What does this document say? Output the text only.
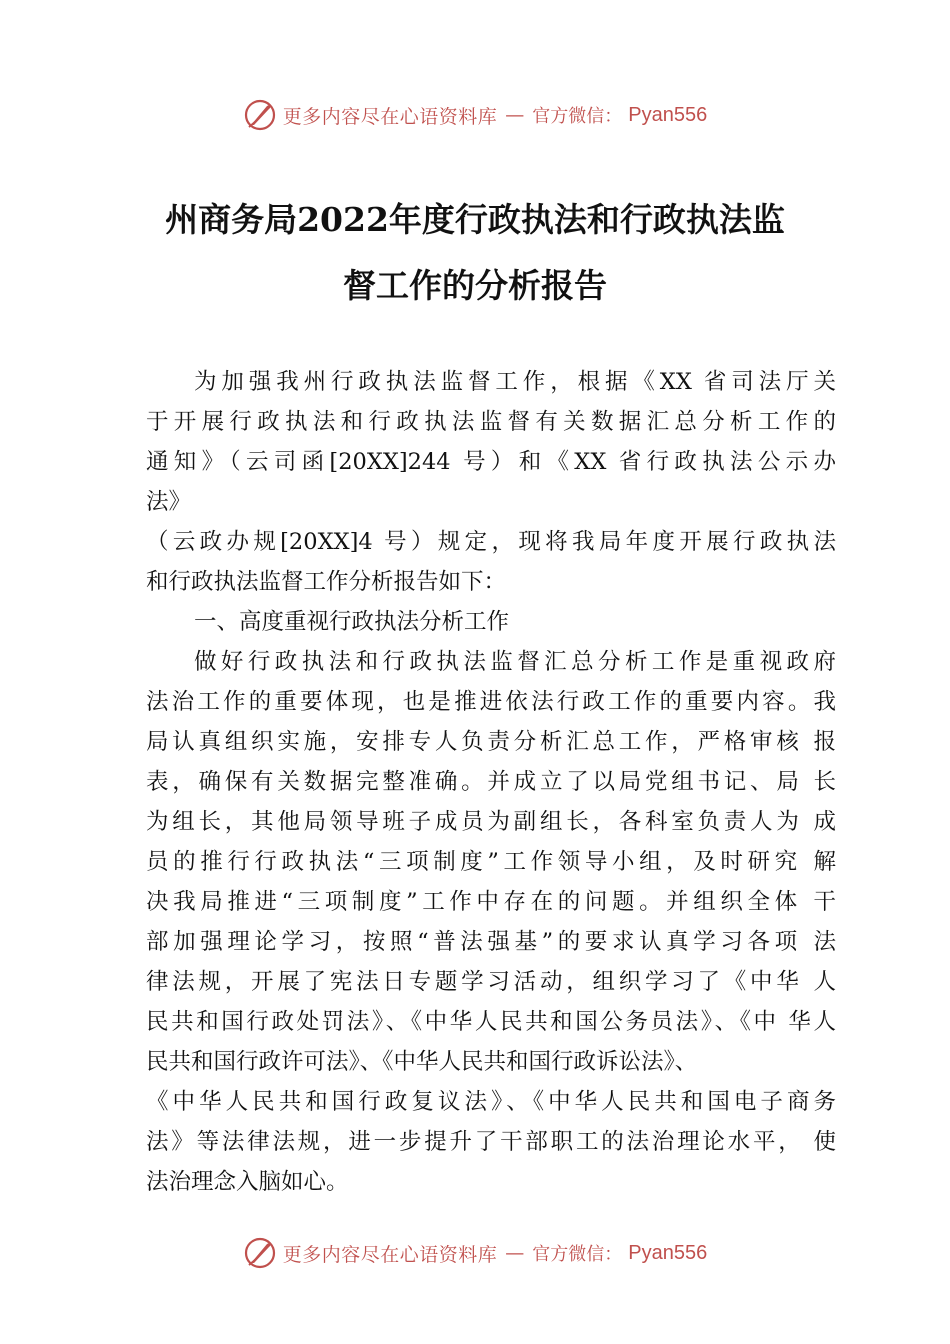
更多内容尽在心语资料库 — 官方微信： Pyan556
州商务局2022年度行政执法和行政执法监
督工作的分析报告
为加强我州行政执法监督工作，根据《XX 省司法厅关
于开展行政执法和行政执法监督有关数据汇总分析工作的
通知》（云司函[20XX]244 号）和《XX 省行政执法公示办
法》
（云政办规[20XX]4 号）规定，现将我局年度开展行政执法
和行政执法监督工作分析报告如下：
一、高度重视行政执法分析工作
做好行政执法和行政执法监督汇总分析工作是重视政府
法治工作的重要体现，也是推进依法行政工作的重要内容。我
局认真组织实施，安排专人负责分析汇总工作，严格审核 报
表，确保有关数据完整准确。并成立了以局党组书记、局 长
为组长，其他局领导班子成员为副组长，各科室负责人为 成
员的推行行政执法“三项制度”工作领导小组，及时研究 解
决我局推进“三项制度”工作中存在的问题。并组织全体 干
部加强理论学习，按照“普法强基”的要求认真学习各项 法
律法规，开展了宪法日专题学习活动，组织学习了《中华 人
民共和国行政处罚法》、《中华人民共和国公务员法》、《中 华人
民共和国行政许可法》、《中华人民共和国行政诉讼法》、
《中华人民共和国行政复议法》、《中华人民共和国电子商务
法》等法律法规，进一步提升了干部职工的法治理论水平， 使
法治理念入脑如心。
更多内容尽在心语资料库 — 官方微信： Pyan556
